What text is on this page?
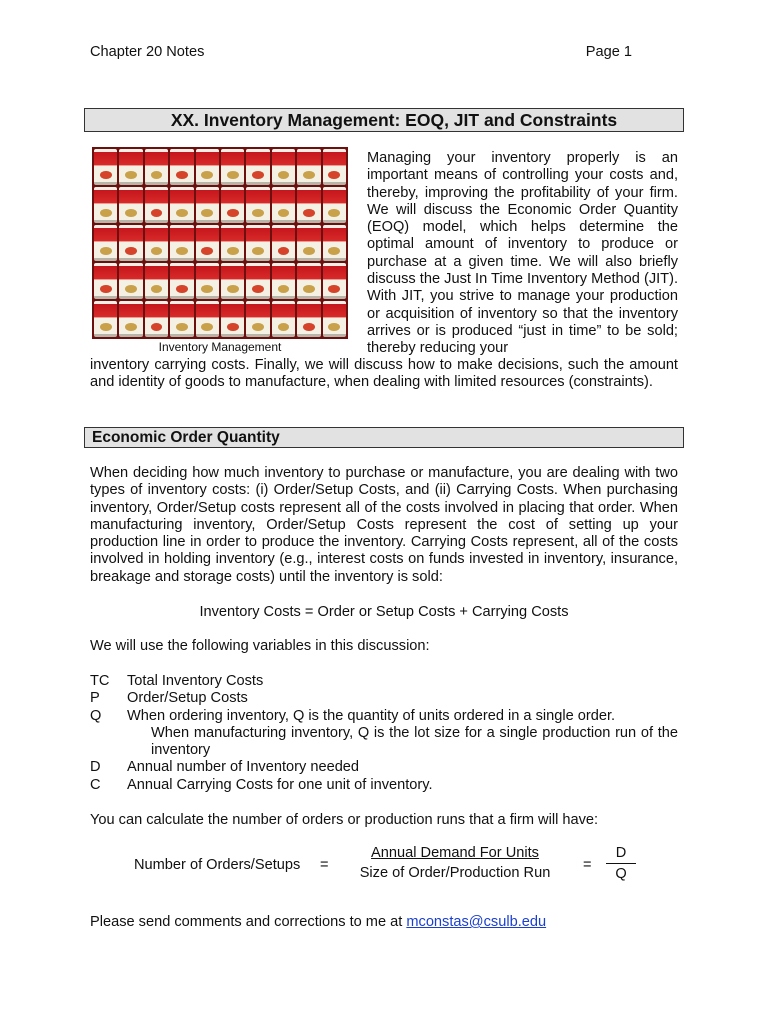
Chapter 20 Notes	Page 1
XX. Inventory Management: EOQ, JIT and Constraints
Inventory Management
Managing your inventory properly is an important means of controlling your costs and, thereby, improving the profitability of your firm. We will discuss the Economic Order Quantity (EOQ) model, which helps determine the optimal amount of inventory to produce or purchase at a given time. We will also briefly discuss the Just In Time Inventory Method (JIT). With JIT, you strive to manage your production or acquisition of inventory so that the inventory arrives or is produced “just in time” to be sold; thereby reducing your
inventory carrying costs. Finally, we will discuss how to make decisions, such the amount and identity of goods to manufacture, when dealing with limited resources (constraints).
Economic Order Quantity
When deciding how much inventory to purchase or manufacture, you are dealing with two types of inventory costs: (i) Order/Setup Costs, and (ii) Carrying Costs. When purchasing inventory, Order/Setup costs represent all of the costs involved in placing that order. When manufacturing inventory, Order/Setup Costs represent the cost of setting up your production line in order to produce the inventory. Carrying Costs represent, all of the costs involved in holding inventory (e.g., interest costs on funds invested in inventory, insurance, breakage and storage costs) until the inventory is sold:
Inventory Costs = Order or Setup Costs + Carrying Costs
We will use the following variables in this discussion:
TC	Total Inventory Costs
P	Order/Setup Costs
Q	When ordering inventory, Q is the quantity of units ordered in a single order.
When manufacturing inventory, Q is the lot size for a single production run of the inventory
D	Annual number of Inventory needed
C	Annual Carrying Costs for one unit of inventory.
You can calculate the number of orders or production runs that a firm will have:
Number of Orders/Setups =
Annual Demand For Units
Size of Order/Production Run	= $\frac{D}{Q}$
Please send comments and corrections to me at mconstas@csulb.edu
